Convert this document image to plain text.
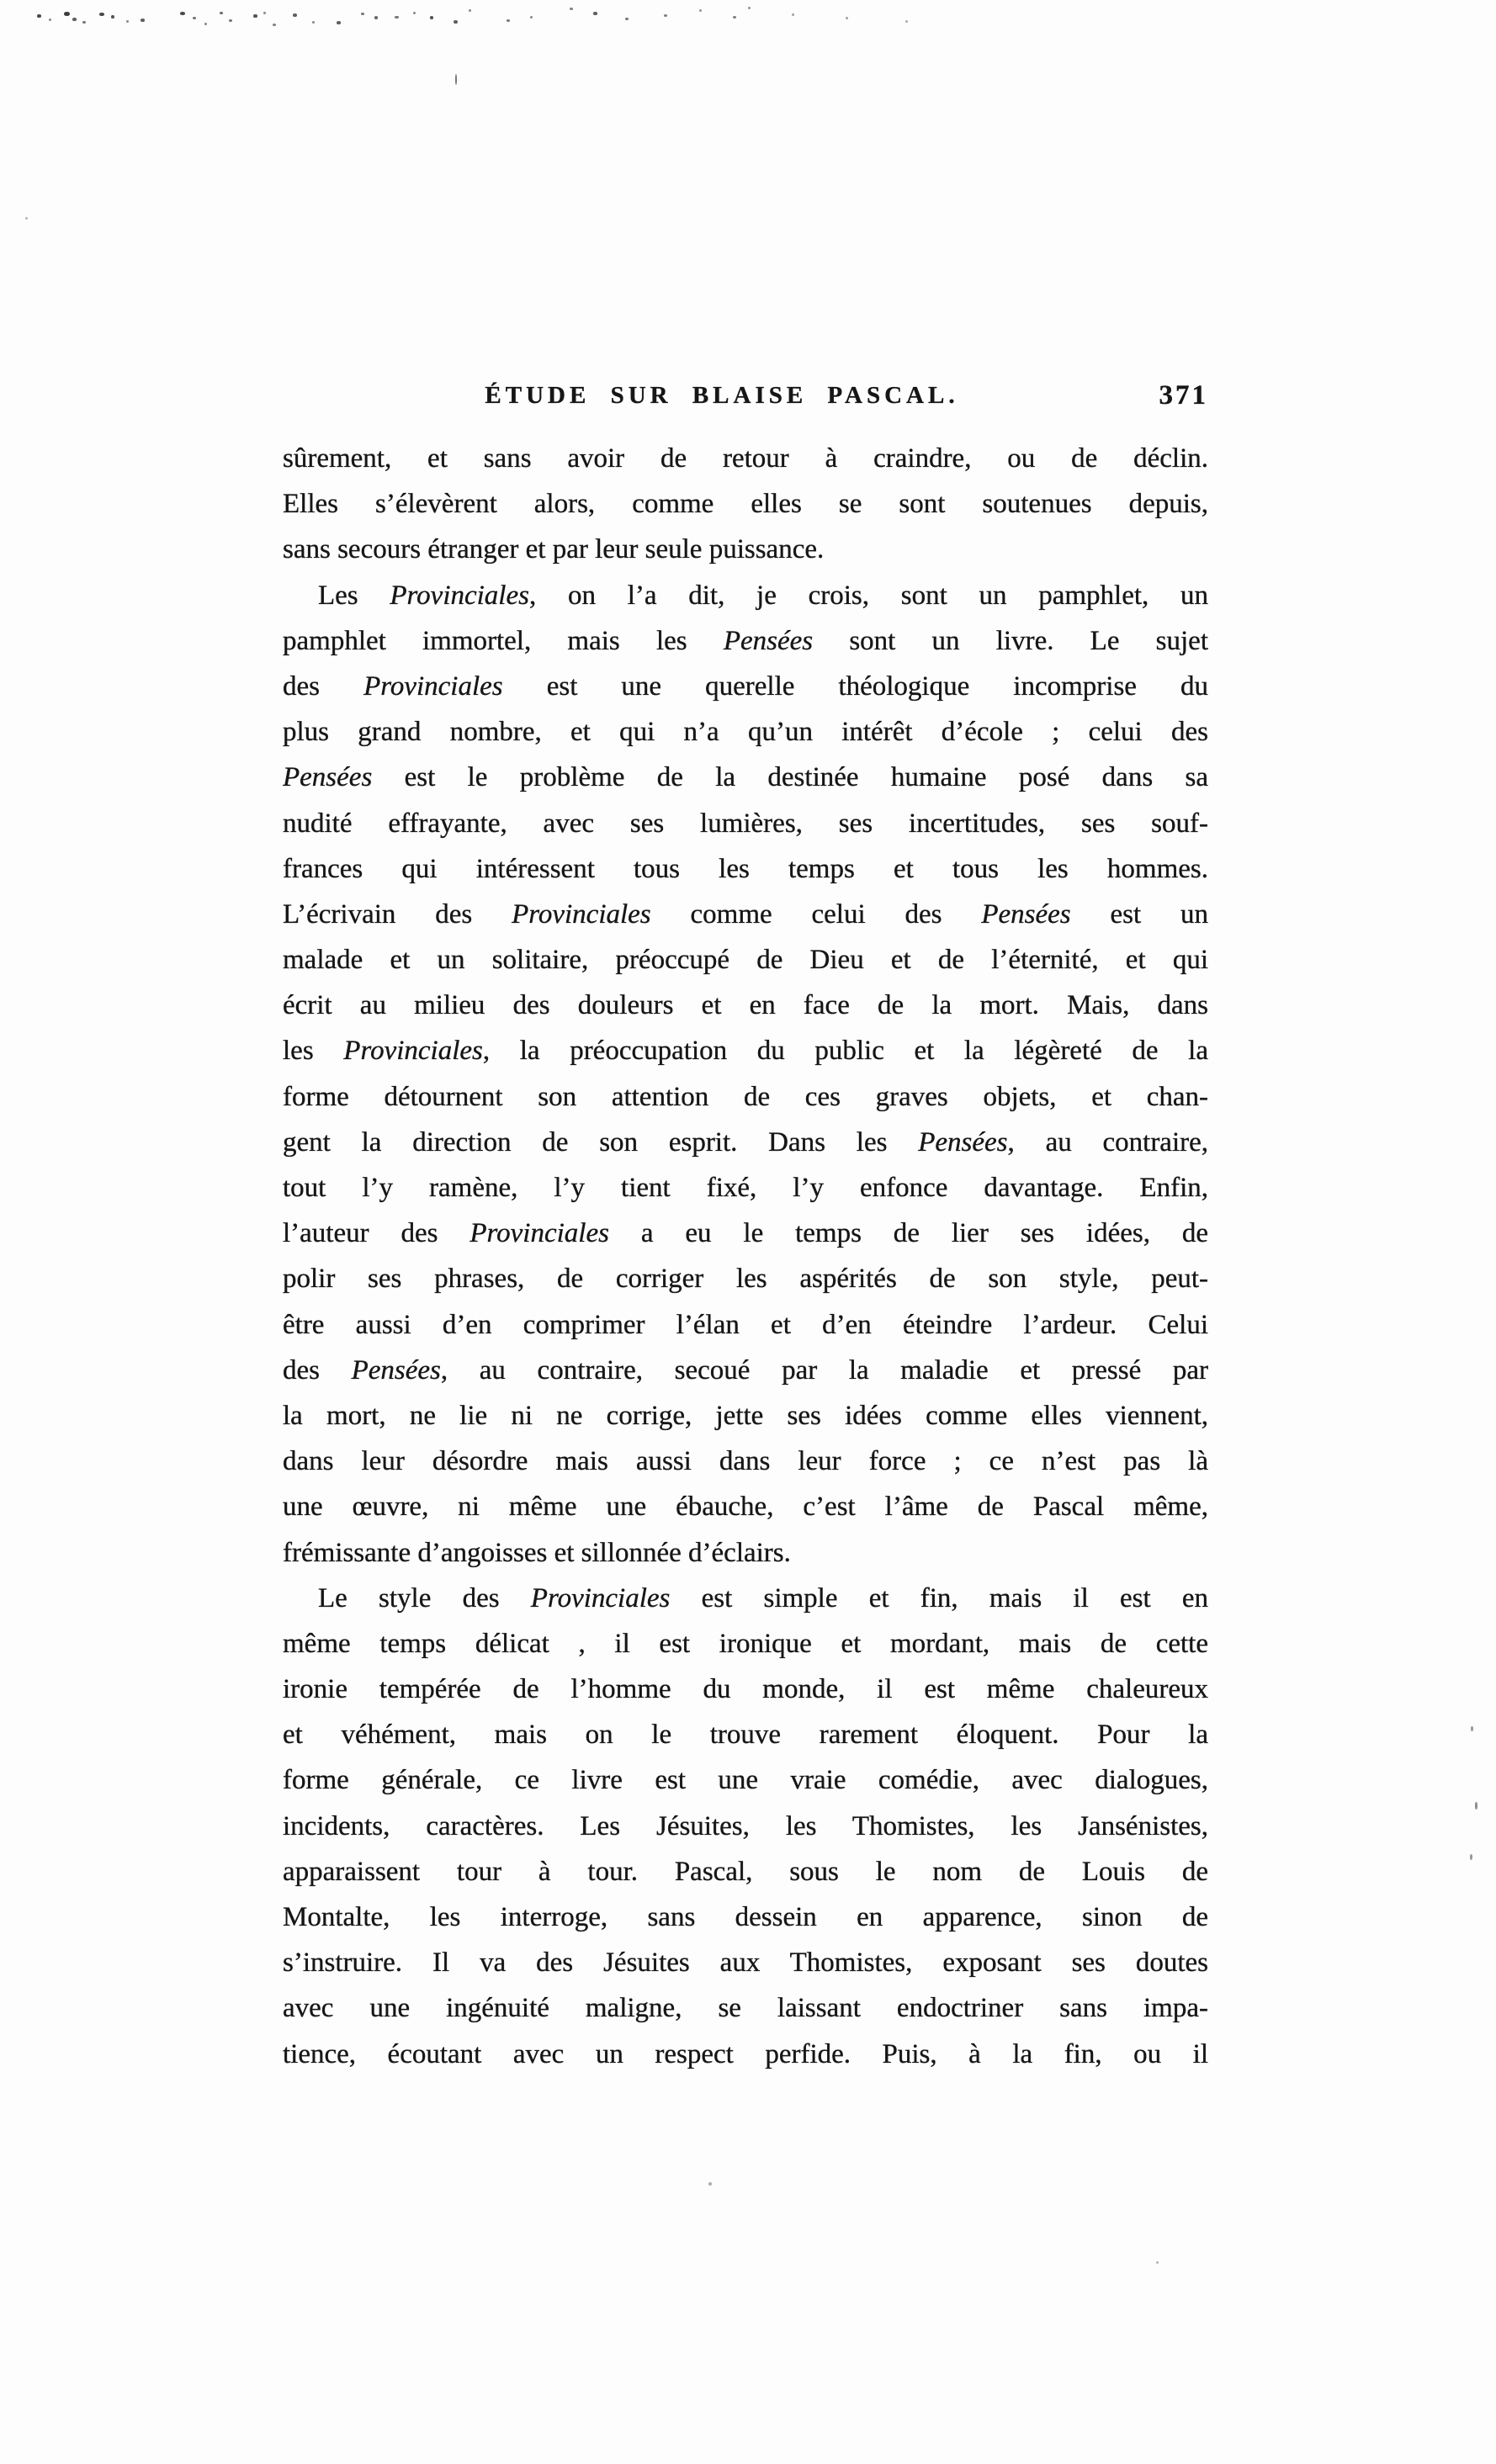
ÉTUDE SUR BLAISE PASCAL.	371
sûrement, et sans avoir de retour à craindre, ou de déclin.
Elles s’élevèrent alors, comme elles se sont soutenues depuis,
sans secours étranger et par leur seule puissance.
Les Provinciales, on l’a dit, je crois, sont un pamphlet, un
pamphlet immortel, mais les Pensées sont un livre. Le sujet
des Provinciales est une querelle théologique incomprise du
plus grand nombre, et qui n’a qu’un intérêt d’école ; celui des
Pensées est le problème de la destinée humaine posé dans sa
nudité effrayante, avec ses lumières, ses incertitudes, ses souf-
frances qui intéressent tous les temps et tous les hommes.
L’écrivain des Provinciales comme celui des Pensées est un
malade et un solitaire, préoccupé de Dieu et de l’éternité, et qui
écrit au milieu des douleurs et en face de la mort. Mais, dans
les Provinciales, la préoccupation du public et la légèreté de la
forme détournent son attention de ces graves objets, et chan-
gent la direction de son esprit. Dans les Pensées, au contraire,
tout l’y ramène, l’y tient fixé, l’y enfonce davantage. Enfin,
l’auteur des Provinciales a eu le temps de lier ses idées, de
polir ses phrases, de corriger les aspérités de son style, peut-
être aussi d’en comprimer l’élan et d’en éteindre l’ardeur. Celui
des Pensées, au contraire, secoué par la maladie et pressé par
la mort, ne lie ni ne corrige, jette ses idées comme elles viennent,
dans leur désordre mais aussi dans leur force ; ce n’est pas là
une œuvre, ni même une ébauche, c’est l’âme de Pascal même,
frémissante d’angoisses et sillonnée d’éclairs.
Le style des Provinciales est simple et fin, mais il est en
même temps délicat , il est ironique et mordant, mais de cette
ironie tempérée de l’homme du monde, il est même chaleureux
et véhément, mais on le trouve rarement éloquent. Pour la
forme générale, ce livre est une vraie comédie, avec dialogues,
incidents, caractères. Les Jésuites, les Thomistes, les Jansénistes,
apparaissent tour à tour. Pascal, sous le nom de Louis de
Montalte, les interroge, sans dessein en apparence, sinon de
s’instruire. Il va des Jésuites aux Thomistes, exposant ses doutes
avec une ingénuité maligne, se laissant endoctriner sans impa-
tience, écoutant avec un respect perfide. Puis, à la fin, ou il
